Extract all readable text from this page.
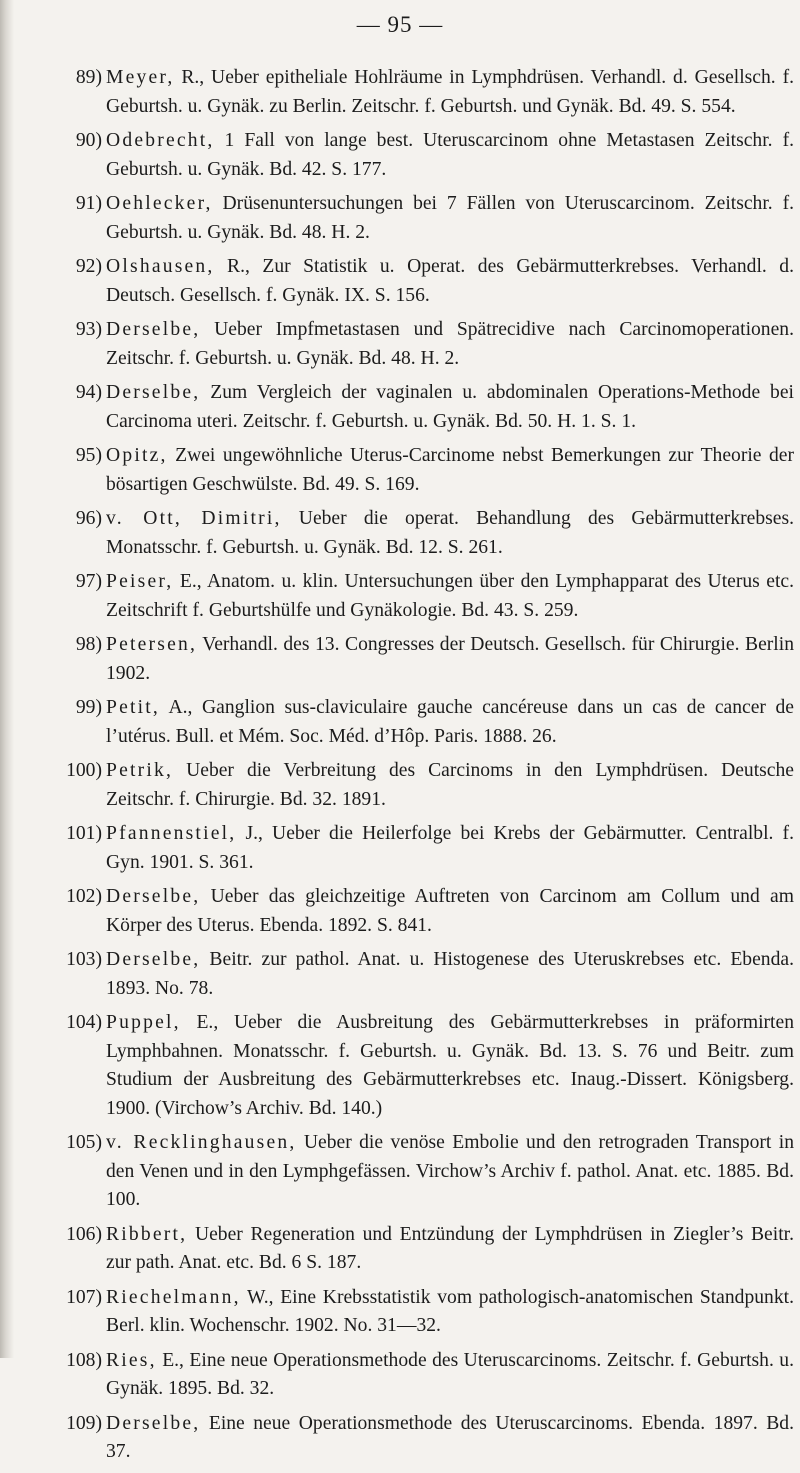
— 95 —
89) Meyer, R., Ueber epitheliale Hohlräume in Lymphdrüsen. Verhandl. d. Gesellsch. f. Geburtsh. u. Gynäk. zu Berlin. Zeitschr. f. Geburtsh. und Gynäk. Bd. 49. S. 554.
90) Odebrecht, 1 Fall von lange best. Uteruscarcinom ohne Metastasen Zeitschr. f. Geburtsh. u. Gynäk. Bd. 42. S. 177.
91) Oehlecker, Drüsenuntersuchungen bei 7 Fällen von Uteruscarcinom. Zeitschr. f. Geburtsh. u. Gynäk. Bd. 48. H. 2.
92) Olshausen, R., Zur Statistik u. Operat. des Gebärmutterkrebses. Verhandl. d. Deutsch. Gesellsch. f. Gynäk. IX. S. 156.
93) Derselbe, Ueber Impfmetastasen und Spätrecidive nach Carcinomoperationen. Zeitschr. f. Geburtsh. u. Gynäk. Bd. 48. H. 2.
94) Derselbe, Zum Vergleich der vaginalen u. abdominalen Operations-Methode bei Carcinoma uteri. Zeitschr. f. Geburtsh. u. Gynäk. Bd. 50. H. 1. S. 1.
95) Opitz, Zwei ungewöhnliche Uterus-Carcinome nebst Bemerkungen zur Theorie der bösartigen Geschwülste. Bd. 49. S. 169.
96) v. Ott, Dimitri, Ueber die operat. Behandlung des Gebärmutterkrebses. Monatsschr. f. Geburtsh. u. Gynäk. Bd. 12. S. 261.
97) Peiser, E., Anatom. u. klin. Untersuchungen über den Lymphapparat des Uterus etc. Zeitschrift f. Geburtshülfe und Gynäkologie. Bd. 43. S. 259.
98) Petersen, Verhandl. des 13. Congresses der Deutsch. Gesellsch. für Chirurgie. Berlin 1902.
99) Petit, A., Ganglion sus-claviculaire gauche cancéreuse dans un cas de cancer de l’utérus. Bull. et Mém. Soc. Méd. d’Hôp. Paris. 1888. 26.
100) Petrik, Ueber die Verbreitung des Carcinoms in den Lymphdrüsen. Deutsche Zeitschr. f. Chirurgie. Bd. 32. 1891.
101) Pfannenstiel, J., Ueber die Heilerfolge bei Krebs der Gebärmutter. Centralbl. f. Gyn. 1901. S. 361.
102) Derselbe, Ueber das gleichzeitige Auftreten von Carcinom am Collum und am Körper des Uterus. Ebenda. 1892. S. 841.
103) Derselbe, Beitr. zur pathol. Anat. u. Histogenese des Uteruskrebses etc. Ebenda. 1893. No. 78.
104) Puppel, E., Ueber die Ausbreitung des Gebärmutterkrebses in präformirten Lymphbahnen. Monatsschr. f. Geburtsh. u. Gynäk. Bd. 13. S. 76 und Beitr. zum Studium der Ausbreitung des Gebärmutterkrebses etc. Inaug.-Dissert. Königsberg. 1900. (Virchow’s Archiv. Bd. 140.)
105) v. Recklinghausen, Ueber die venöse Embolie und den retrograden Transport in den Venen und in den Lymphgefässen. Virchow’s Archiv f. pathol. Anat. etc. 1885. Bd. 100.
106) Ribbert, Ueber Regeneration und Entzündung der Lymphdrüsen in Ziegler’s Beitr. zur path. Anat. etc. Bd. 6 S. 187.
107) Riechelmann, W., Eine Krebsstatistik vom pathologisch-anatomischen Standpunkt. Berl. klin. Wochenschr. 1902. No. 31—32.
108) Ries, E., Eine neue Operationsmethode des Uteruscarcinoms. Zeitschr. f. Geburtsh. u. Gynäk. 1895. Bd. 32.
109) Derselbe, Eine neue Operationsmethode des Uteruscarcinoms. Ebenda. 1897. Bd. 37.
